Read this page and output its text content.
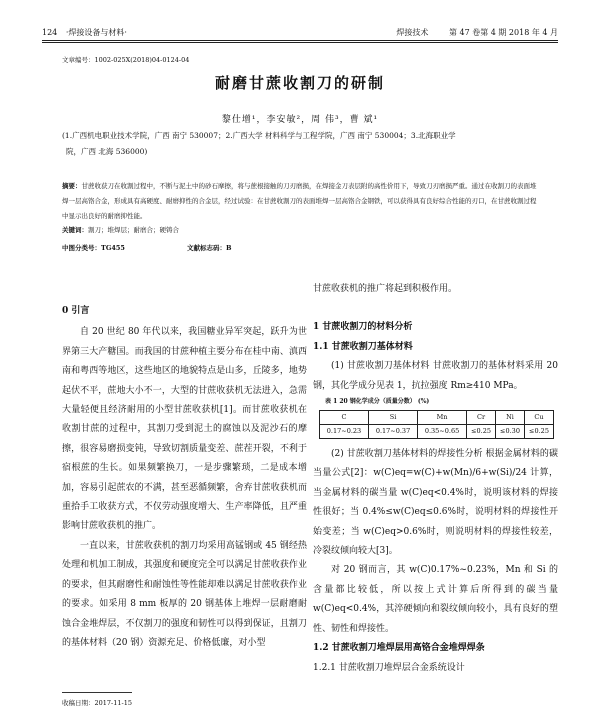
124 ·焊接设备与材料·	焊接技术	第 47 卷第 4 期 2018 年 4 月
文章编号：1002-025X(2018)04-0124-04
耐磨甘蔗收割刀的研制
黎仕增¹，李安敏²，周 伟³，曹 斌¹
(1.广西机电职业技术学院，广西 南宁 530007；2.广西大学 材料科学与工程学院，广西 南宁 530004；3.北海职业学
院，广西 北海 536000)
摘要：甘蔗收获刀在收割过程中，不断与泥土中的砂石摩擦，将与蔗根接触的刀刃磨损，在焊接金刀表层附的高性价用下，导致刀刃磨损严重。通过在收割刀的表面堆焊一层高铬合金，形成具有高硬度、耐磨抑性的合金层，经过试验：在甘蔗收割刀的表面堆焊一层高铬合金钢铁，可以获得具有良好综合性能的刃口，在甘蔗收割过程中显示出良好的耐磨抑性能。
关键词：割刀；堆焊层；耐磨合；硬铸合
中图分类号：TG455	文献标志码：B

0 引言

自 20 世纪 80 年代以来，我国糖业异军突起，跃升为世界第三大产糖国。而我国的甘蔗种植主要分布在桂中南、滇西南和粤西等地区，这些地区的地貌特点是山多，丘陵多，地势起伏不平，蔗地大小不一，大型的甘蔗收获机无法进入，急需大量轻便且经济耐用的小型甘蔗收获机[1]。而甘蔗收获机在收割甘蔗的过程中，其割刀受到泥土的腐蚀以及泥沙石的摩擦，很容易磨损变钝，导致切割质量变差、蔗茬开裂，不利于宿根蔗的生长。如果频繁换刀，一是步骤繁琐，二是成本增加，容易引起蔗农的不满，甚至恶循频繁，舍弃甘蔗收获机而重拾手工收获方式，不仅劳动强度增大、生产率降低，且严重影响甘蔗收获机的推广。

一直以来，甘蔗收获机的割刀均采用高锰钢或 45 钢经热处理和机加工制成，其强度和硬度完全可以满足甘蔗收获作业的要求，但其耐磨性和耐蚀性等性能却难以满足甘蔗收获作业的要求。如采用 8 mm 板厚的 20 钢基体上堆焊一层耐磨耐蚀合金堆焊层，不仅割刀的强度和韧性可以得到保证，且割刀的基体材料（20 钢）资源充足、价格低廉，对小型

甘蔗收获机的推广将起到积极作用。

1 甘蔗收割刀的材料分析

1.1 甘蔗收割刀基体材料

(1) 甘蔗收割刀基体材料 甘蔗收割刀的基体材料采用 20 钢，其化学成分见表 1，抗拉强度 Rm≥410 MPa。

表 1 20 钢化学成分（质量分数） (%)

C	Si	Mn	Cr	Ni	Cu
0.17~0.23	0.17~0.37	0.35~0.65	≤0.25	≤0.30	≤0.25

(2) 甘蔗收割刀基体材料的焊接性分析 根据金属材料的碳当量公式[2]：w(C)eq=w(C)+w(Mn)/6+w(Si)/24 计算，当金属材料的碳当量 w(C)eq<0.4%时，说明该材料的焊接性很好；当 0.4%≤w(C)eq≤0.6%时，说明材料的焊接性开始变差；当 w(C)eq>0.6%时，则说明材料的焊接性较差，冷裂纹倾向较大[3]。

对 20 钢而言，其 w(C)0.17%~0.23%，Mn 和 Si 的含量都比较低，所以按上式计算后所得到的碳当量 w(C)eq<0.4%，其淬硬倾向和裂纹倾向较小，具有良好的塑性、韧性和焊接性。

1.2 甘蔗收割刀堆焊层用高铬合金堆焊焊条

1.2.1 甘蔗收割刀堆焊层合金系统设计

收稿日期：2017-11-15
